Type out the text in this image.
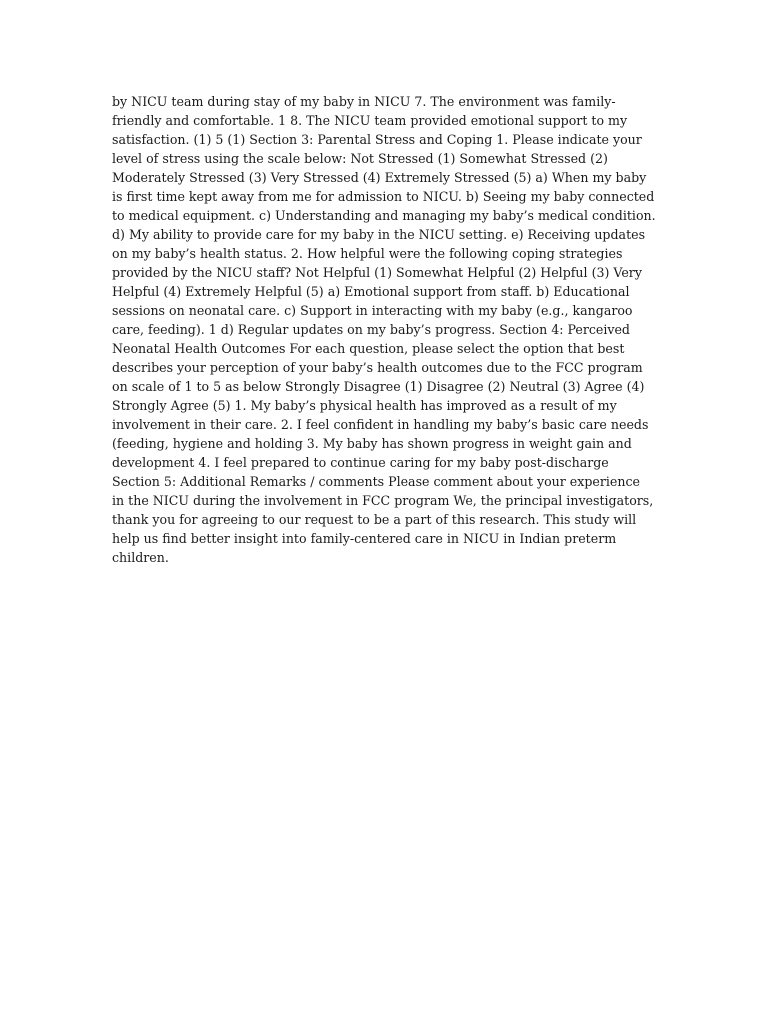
by NICU team during stay of my baby in NICU 7. The environment was family-friendly and comfortable. 1 8. The NICU team provided emotional support to my satisfaction. (1) 5 (1) Section 3: Parental Stress and Coping 1. Please indicate your level of stress using the scale below: Not Stressed (1) Somewhat Stressed (2) Moderately Stressed (3) Very Stressed (4) Extremely Stressed (5) a) When my baby is first time kept away from me for admission to NICU. b) Seeing my baby connected to medical equipment. c) Understanding and managing my baby’s medical condition. d) My ability to provide care for my baby in the NICU setting. e) Receiving updates on my baby’s health status. 2. How helpful were the following coping strategies provided by the NICU staff? Not Helpful (1) Somewhat Helpful (2) Helpful (3) Very Helpful (4) Extremely Helpful (5) a) Emotional support from staff. b) Educational sessions on neonatal care. c) Support in interacting with my baby (e.g., kangaroo care, feeding). 1 d) Regular updates on my baby’s progress. Section 4: Perceived Neonatal Health Outcomes For each question, please select the option that best describes your perception of your baby’s health outcomes due to the FCC program on scale of 1 to 5 as below Strongly Disagree (1) Disagree (2) Neutral (3) Agree (4) Strongly Agree (5) 1. My baby’s physical health has improved as a result of my involvement in their care. 2. I feel confident in handling my baby’s basic care needs (feeding, hygiene and holding 3. My baby has shown progress in weight gain and development 4. I feel prepared to continue caring for my baby post-discharge Section 5: Additional Remarks / comments Please comment about your experience in the NICU during the involvement in FCC program We, the principal investigators, thank you for agreeing to our request to be a part of this research. This study will help us find better insight into family-centered care in NICU in Indian preterm children.
